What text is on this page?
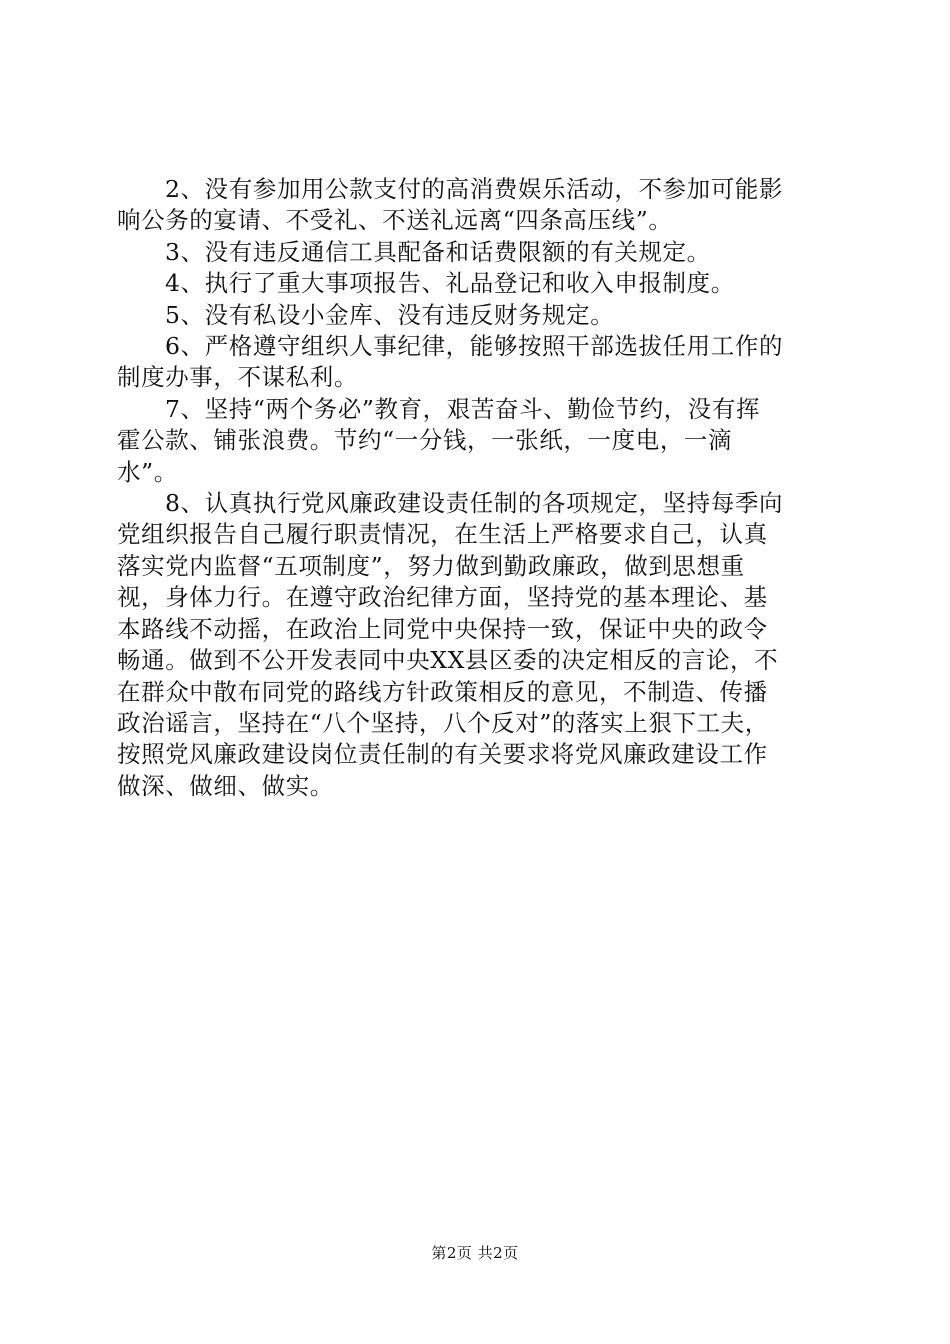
2、没有参加用公款支付的高消费娱乐活动，不参加可能影
响公务的宴请、不受礼、不送礼远离“四条高压线”。

3、没有违反通信工具配备和话费限额的有关规定。

4、执行了重大事项报告、礼品登记和收入申报制度。

5、没有私设小金库、没有违反财务规定。

6、严格遵守组织人事纪律，能够按照干部选拔任用工作的
制度办事，不谋私利。

7、坚持“两个务必”教育，艰苦奋斗、勤俭节约，没有挥
霍公款、铺张浪费。节约“一分钱，一张纸，一度电，一滴
水”。

8、认真执行党风廉政建设责任制的各项规定，坚持每季向
党组织报告自己履行职责情况，在生活上严格要求自己，认真
落实党内监督“五项制度”，努力做到勤政廉政，做到思想重
视，身体力行。在遵守政治纪律方面，坚持党的基本理论、基
本路线不动摇，在政治上同党中央保持一致，保证中央的政令
畅通。做到不公开发表同中央XX县区委的决定相反的言论，不
在群众中散布同党的路线方针政策相反的意见，不制造、传播
政治谣言，坚持在“八个坚持，八个反对”的落实上狠下工夫，
按照党风廉政建设岗位责任制的有关要求将党风廉政建设工作
做深、做细、做实。

第2页 共2页
